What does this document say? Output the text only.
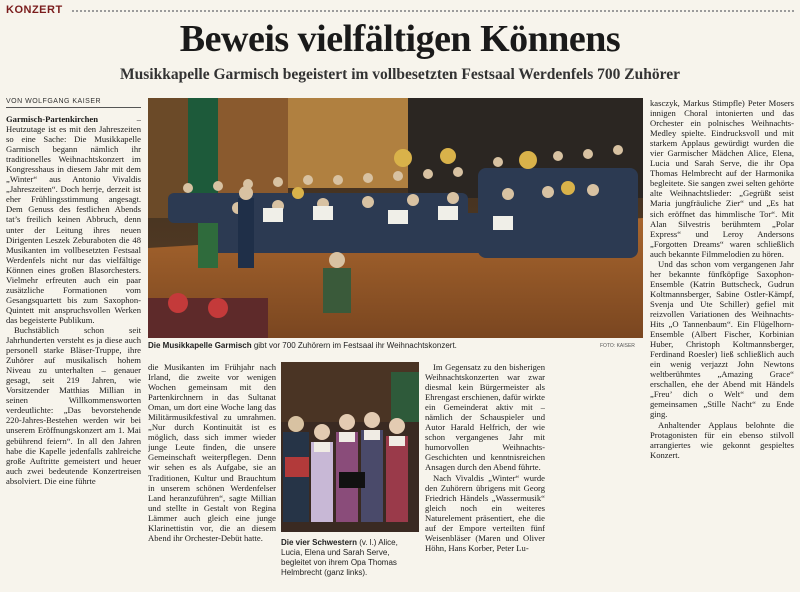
KONZERT
Beweis vielfältigen Könnens
Musikkapelle Garmisch begeistert im vollbesetzten Festsaal Werdenfels 700 Zuhörer
VON WOLFGANG KAISER

Garmisch-Partenkirchen – Heutzutage ist es mit den Jahreszeiten so eine Sache: Die Musikkapelle Garmisch begann nämlich ihr traditionelles Weihnachtskonzert im Kongresshaus in diesem Jahr mit dem „Winter“ aus Antonio Vivaldis „Jahreszeiten“. Doch herrje, derzeit ist eher Frühlingsstimmung angesagt. Dem Genuss des festlichen Abends tat’s freilich keinen Abbruch, denn unter der Leitung ihres neuen Dirigenten Leszek Zeburaboten die 48 Musikanten im vollbesetzten Festsaal Werdenfels nicht nur das vielfältige Können eines großen Blasorchesters. Vielmehr erfreuten auch ein paar zusätzliche Formationen vom Gesangsquartett bis zum Saxophon-Quintett mit anspruchsvollen Werken das begeisterte Publikum.

Buchstäblich schon seit Jahrhunderten versteht es ja diese auch personell starke Bläser-Truppe, ihre Zuhörer auf musikalisch hohem Niveau zu unterhalten – genauer gesagt, seit 219 Jahren, wie Vorsitzender Matthias Millian in seinen Willkommensworten verdeutlichte: „Das bevorstehende 220-Jahres-Bestehen werden wir bei unserem Eröffnungskonzert am 1. Mai gebührend feiern“. In all den Jahren habe die Kapelle jedenfalls zahlreiche große Auftritte gemeistert und heuer auch zwei bedeutende Konzertreisen absolviert. Die eine führte

Die Musikkapelle Garmisch gibt vor 700 Zuhörern im Festsaal ihr Weihnachtskonzert.	FOTO: KAISER

die Musikanten im Frühjahr nach Irland, die zweite vor wenigen Wochen gemeinsam mit den Partenkirchnern in das Sultanat Oman, um dort eine Woche lang das Militärmusikfestival zu umrahmen. „Nur durch Kontinuität ist es möglich, dass sich immer wieder junge Leute finden, die unsere Gemeinschaft weiterpflegen. Denn wir sehen es als Aufgabe, sie an Traditionen, Kultur und Brauchtum in unserem schönen Werdenfelser Land heranzuführen“, sagte Millian und stellte in Gestalt von Regina Lämmer auch gleich eine junge Klarinettistin vor, die an diesem Abend ihr Orchester-Debüt hatte.	Die vier Schwestern (v. l.) Alice, Lucia, Elena und Sarah Serve, begleitet von ihrem Opa Thomas Helmbrecht (ganz links).

Im Gegensatz zu den bisherigen Weihnachtskonzerten war zwar diesmal kein Bürgermeister als Ehrengast erschienen, dafür wirkte ein Gemeinderat aktiv mit – nämlich der Schauspieler und Autor Harald Helfrich, der wie schon vergangenes Jahr mit humorvollen Weihnachts-Geschichten und kenntnisreichen Ansagen durch den Abend führte.

Nach Vivaldis „Winter“ wurde den Zuhörern übrigens mit Georg Friedrich Händels „Wassermusik“ gleich noch ein weiteres Naturelement präsentiert, ehe die auf der Empore verteilten fünf Weisenbläser (Maren und Oliver Höhn, Hans Korber, Peter Lu-

kasczyk, Markus Stimpfle) Peter Mosers innigen Choral intonierten und das Orchester ein polnisches Weihnachts-Medley spielte. Eindrucksvoll und mit starkem Applaus gewürdigt wurden die vier Garmischer Mädchen Alice, Elena, Lucia und Sarah Serve, die ihr Opa Thomas Helmbrecht auf der Harmonika begleitete. Sie sangen zwei selten gehörte alte Weihnachtslieder: „Gegrüßt seist Maria jungfräuliche Zier“ und „Es hat sich eröffnet das himmlische Tor“. Mit Alan Silvestris berühmtem „Polar Express“ und Leroy Andersons „Forgotten Dreams“ waren schließlich auch bekannte Filmmelodien zu hören.

Und das schon vom vergangenen Jahr her bekannte fünfköpfige Saxophon-Ensemble (Katrin Buttscheck, Gudrun Koltmannsberger, Sabine Ostler-Kämpf, Svenja und Ute Schiller) gefiel mit reizvollen Variationen des Weihnachts-Hits „O Tannenbaum“. Ein Flügelhorn-Ensemble (Albert Fischer, Korbinian Huber, Christoph Koltmannsberger, Ferdinand Roesler) ließ schließlich auch ein wenig verjazzt John Newtons weltberühmtes „Amazing Grace“ erschallen, ehe der Abend mit Händels „Freu’ dich o Welt“ und dem gemeinsamen „Stille Nacht“ zu Ende ging.

Anhaltender Applaus belohnte die Protagonisten für ein ebenso stilvoll arrangiertes wie gekonnt gespieltes Konzert.
